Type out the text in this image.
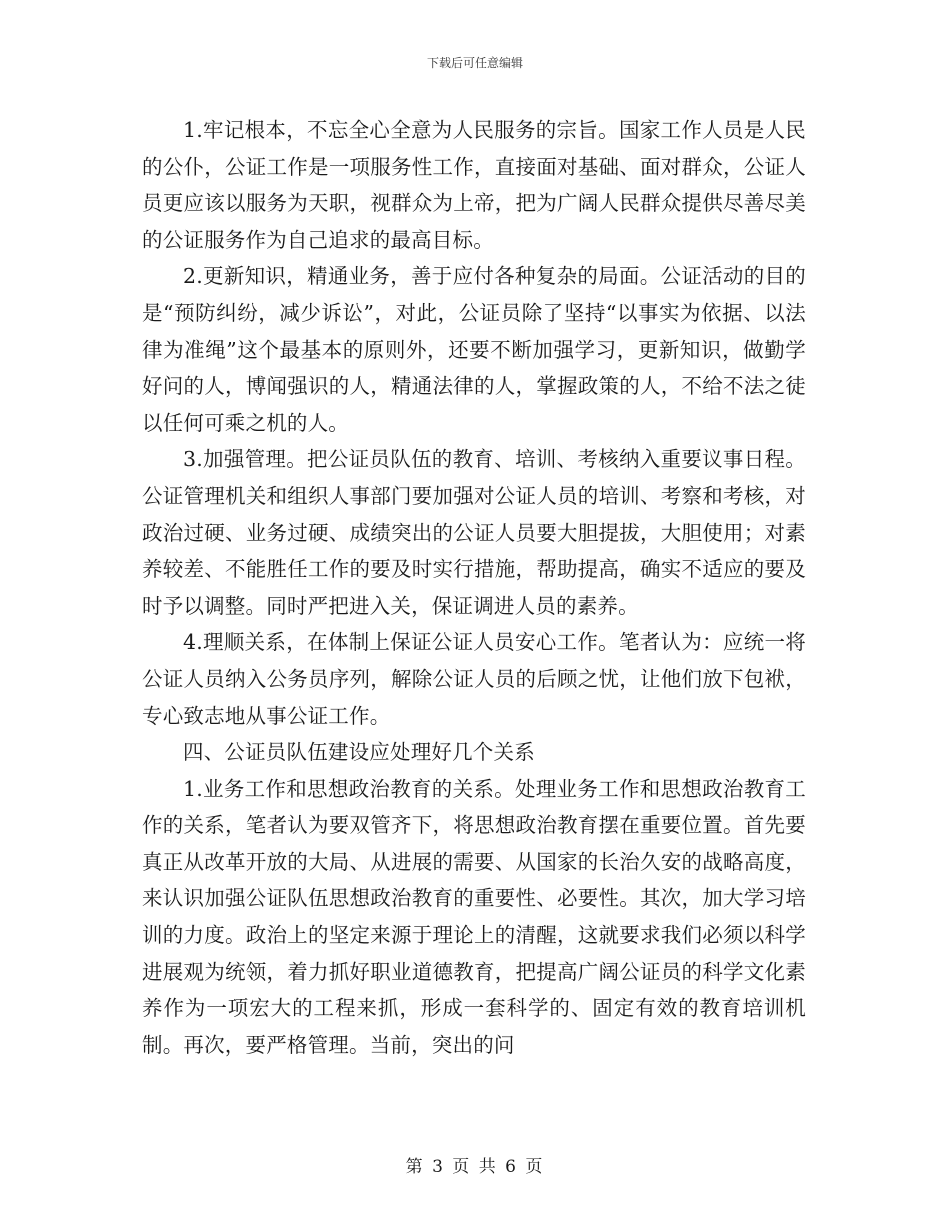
下载后可任意编辑

1.牢记根本，不忘全心全意为人民服务的宗旨。国家工作人员是人民的公仆，公证工作是一项服务性工作，直接面对基础、面对群众，公证人员更应该以服务为天职，视群众为上帝，把为广阔人民群众提供尽善尽美的公证服务作为自己追求的最高目标。

2.更新知识，精通业务，善于应付各种复杂的局面。公证活动的目的是“预防纠纷，减少诉讼”，对此，公证员除了坚持“以事实为依据、以法律为准绳”这个最基本的原则外，还要不断加强学习，更新知识，做勤学好问的人，博闻强识的人，精通法律的人，掌握政策的人，不给不法之徒以任何可乘之机的人。

3.加强管理。把公证员队伍的教育、培训、考核纳入重要议事日程。公证管理机关和组织人事部门要加强对公证人员的培训、考察和考核，对政治过硬、业务过硬、成绩突出的公证人员要大胆提拔，大胆使用；对素养较差、不能胜任工作的要及时实行措施，帮助提高，确实不适应的要及时予以调整。同时严把进入关，保证调进人员的素养。

4.理顺关系，在体制上保证公证人员安心工作。笔者认为：应统一将公证人员纳入公务员序列，解除公证人员的后顾之忧，让他们放下包袱，专心致志地从事公证工作。

四、公证员队伍建设应处理好几个关系

1.业务工作和思想政治教育的关系。处理业务工作和思想政治教育工作的关系，笔者认为要双管齐下，将思想政治教育摆在重要位置。首先要真正从改革开放的大局、从进展的需要、从国家的长治久安的战略高度，来认识加强公证队伍思想政治教育的重要性、必要性。其次，加大学习培训的力度。政治上的坚定来源于理论上的清醒，这就要求我们必须以科学进展观为统领，着力抓好职业道德教育，把提高广阔公证员的科学文化素养作为一项宏大的工程来抓，形成一套科学的、固定有效的教育培训机制。再次，要严格管理。当前，突出的问

第 3 页 共 6 页
